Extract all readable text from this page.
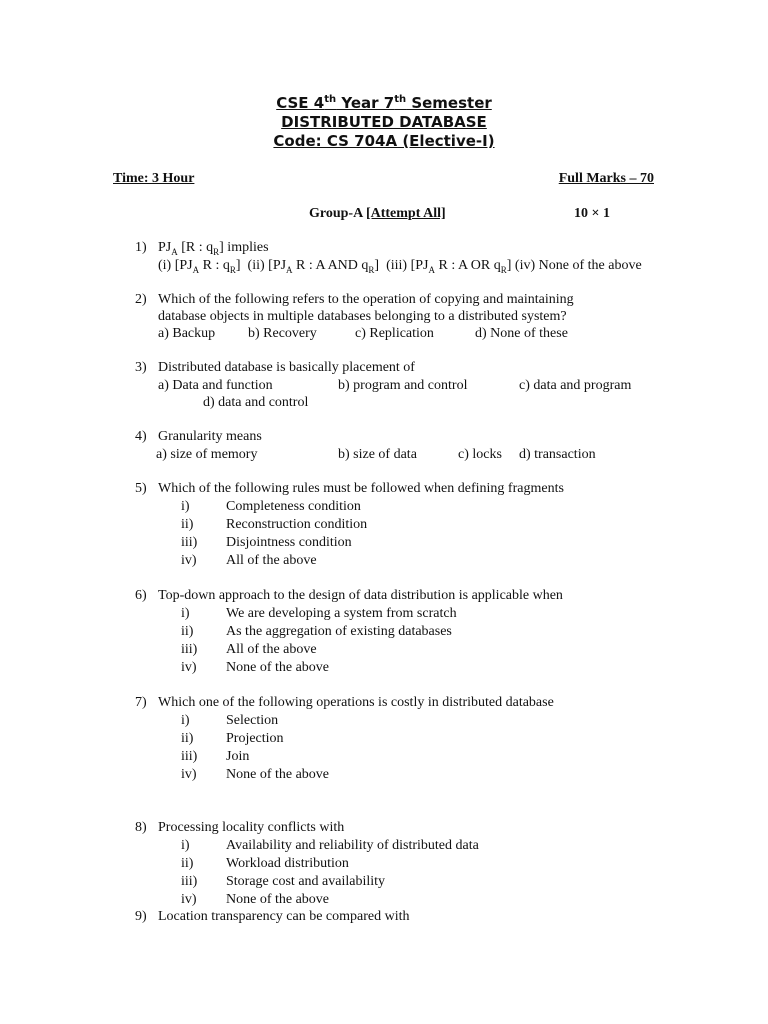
CSE 4th Year 7th Semester
DISTRIBUTED DATABASE
Code: CS 704A (Elective-I)
Time: 3 Hour	Full Marks – 70
Group-A [Attempt All]	10 × 1
1) $PJ_A$ [R : $q_R$] implies
(i) [$PJ_A$ R : $q_R$] (ii) [$PJ_A$ R : A AND $q_R$] (iii) [$PJ_A$ R : A OR $q_R$] (iv) None of the above
2) Which of the following refers to the operation of copying and maintaining
database objects in multiple databases belonging to a distributed system?
a) Backup b) Recovery	c) Replication	d) None of these
3) Distributed database is basically placement of
a) Data and function	b) program and control	c) data and program
d) data and control
4) Granularity means
a) size of memory	b) size of data	c) locks d) transaction
5) Which of the following rules must be followed when defining fragments
i)	Completeness condition
ii) Reconstruction condition
iii) Disjointness condition
iv) All of the above
6) Top-down approach to the design of data distribution is applicable when
i)	We are developing a system from scratch
ii) As the aggregation of existing databases
iii) All of the above
iv) None of the above
7) Which one of the following operations is costly in distributed database
i)	Selection
ii) Projection
iii) Join
iv) None of the above
8) Processing locality conflicts with
i)	Availability and reliability of distributed data
ii) Workload distribution
iii) Storage cost and availability
iv) None of the above
9) Location transparency can be compared with
